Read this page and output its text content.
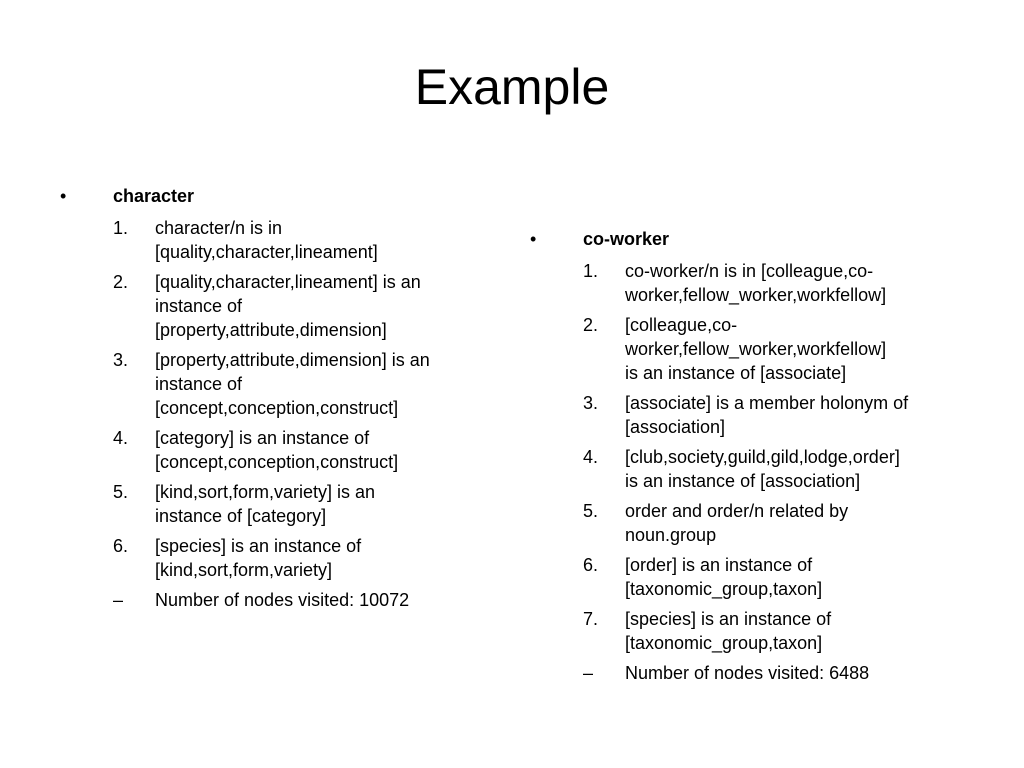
Example
•	character
1. character/n is in
[quality,character,lineament]
2. [quality,character,lineament] is an
instance of
[property,attribute,dimension]
3. [property,attribute,dimension] is an
instance of
[concept,conception,construct]
4. [category] is an instance of
[concept,conception,construct]
5. [kind,sort,form,variety] is an
instance of [category]
6. [species] is an instance of
[kind,sort,form,variety]
– Number of nodes visited: 10072
•	co-worker
1. co-worker/n is in [colleague,co-
worker,fellow_worker,workfellow]
2. [colleague,co-
worker,fellow_worker,workfellow]
is an instance of [associate]
3. [associate] is a member holonym of
[association]
4. [club,society,guild,gild,lodge,order]
is an instance of [association]
5. order and order/n related by
noun.group
6. [order] is an instance of
[taxonomic_group,taxon]
7. [species] is an instance of
[taxonomic_group,taxon]
– Number of nodes visited: 6488
